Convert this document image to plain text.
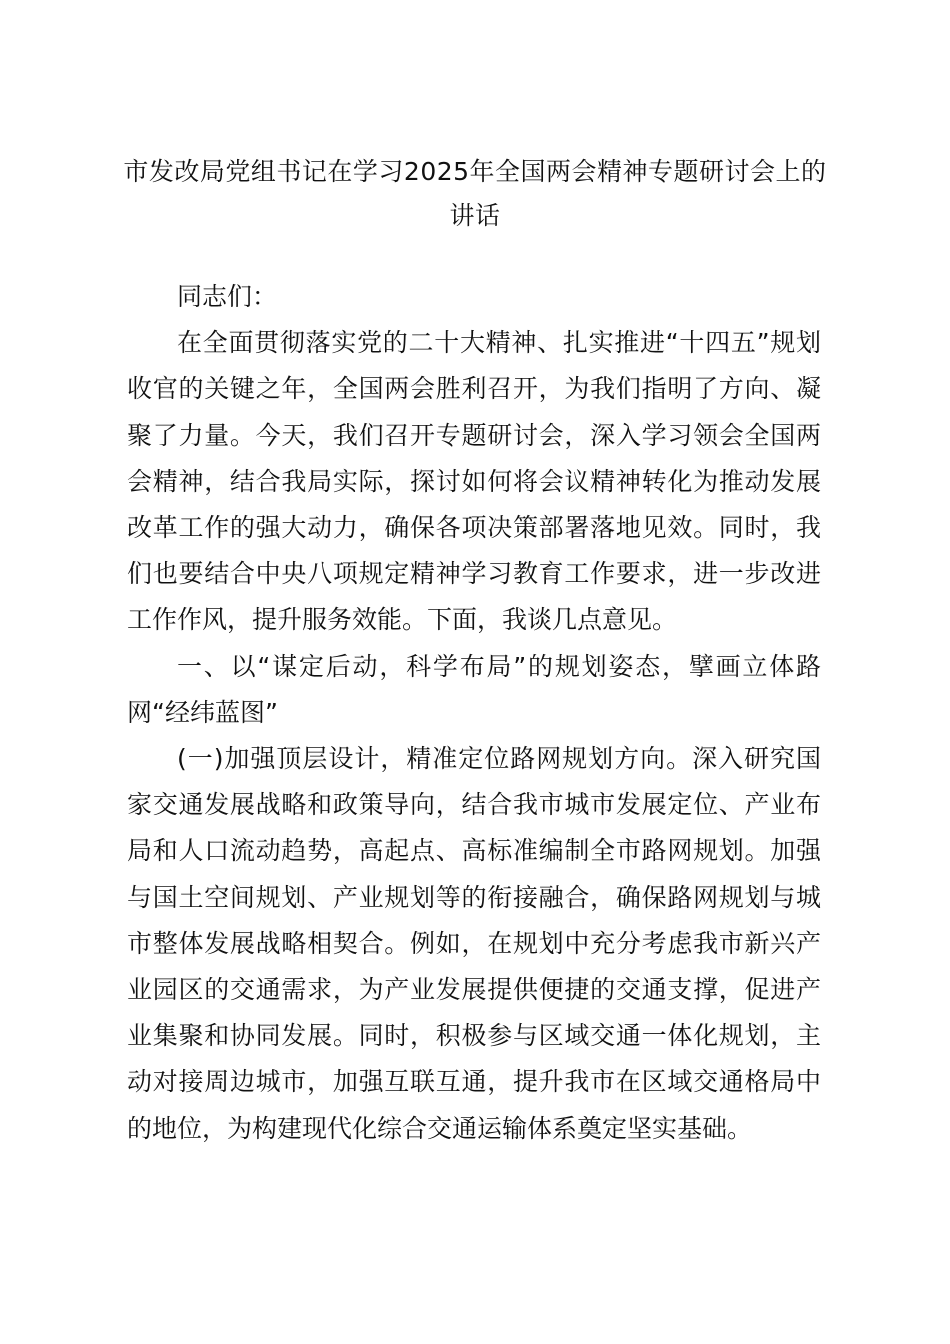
市发改局党组书记在学习2025年全国两会精神专题研讨会上的
讲话

同志们：

在全面贯彻落实党的二十大精神、扎实推进“十四五”规划收官的关键之年，全国两会胜利召开，为我们指明了方向、凝聚了力量。今天，我们召开专题研讨会，深入学习领会全国两会精神，结合我局实际，探讨如何将会议精神转化为推动发展改革工作的强大动力，确保各项决策部署落地见效。同时，我们也要结合中央八项规定精神学习教育工作要求，进一步改进工作作风，提升服务效能。下面，我谈几点意见。

一、以“谋定后动，科学布局”的规划姿态，擘画立体路网“经纬蓝图”

(一)加强顶层设计，精准定位路网规划方向。深入研究国家交通发展战略和政策导向，结合我市城市发展定位、产业布局和人口流动趋势，高起点、高标准编制全市路网规划。加强与国土空间规划、产业规划等的衔接融合，确保路网规划与城市整体发展战略相契合。例如，在规划中充分考虑我市新兴产业园区的交通需求，为产业发展提供便捷的交通支撑，促进产业集聚和协同发展。同时，积极参与区域交通一体化规划，主动对接周边城市，加强互联互通，提升我市在区域交通格局中的地位，为构建现代化综合交通运输体系奠定坚实基础。
